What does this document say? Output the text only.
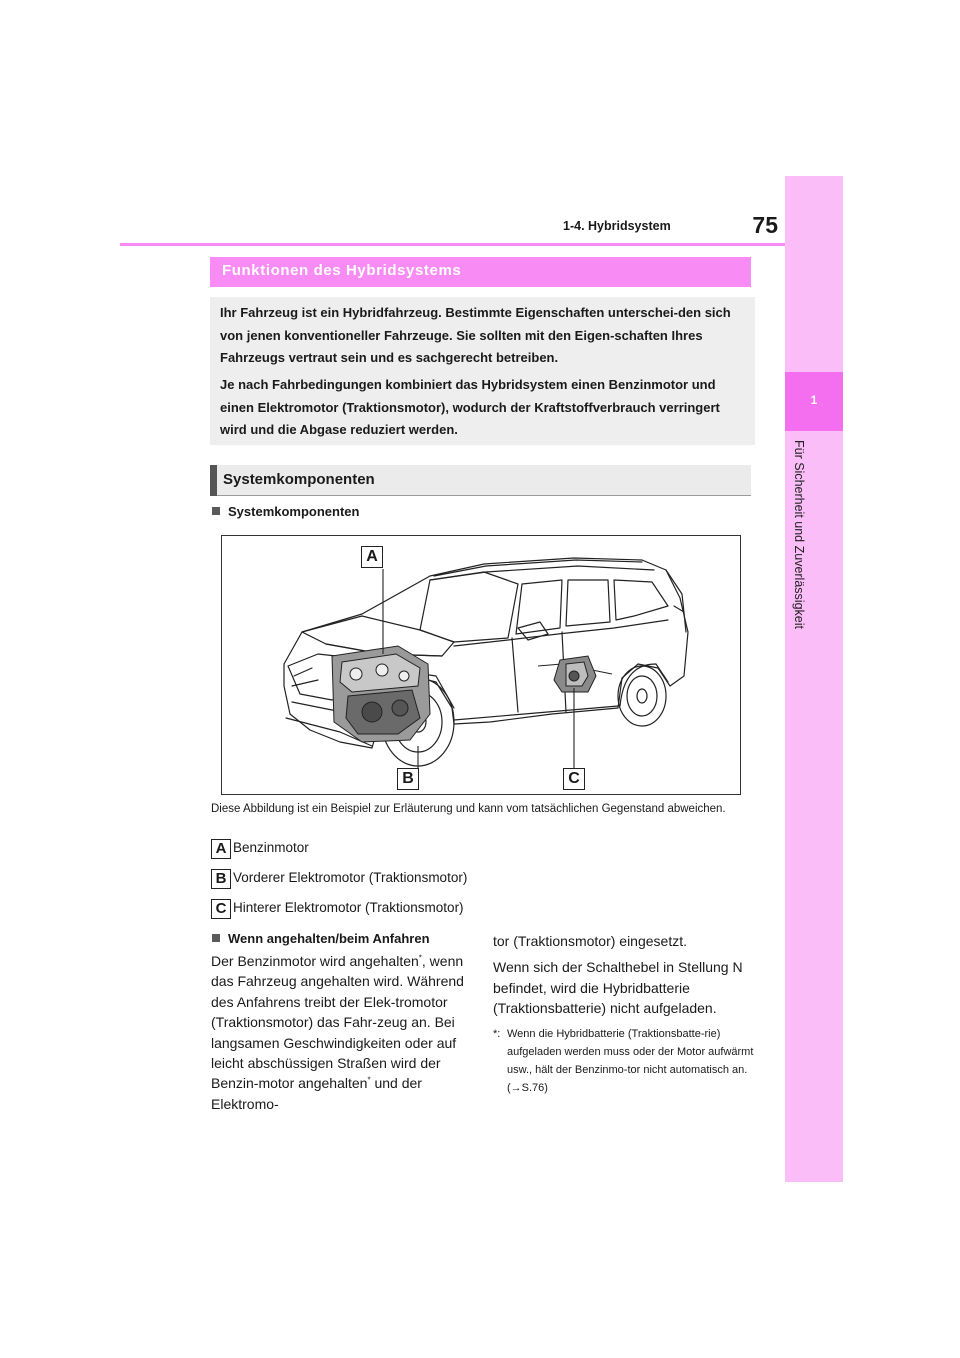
75
1-4. Hybridsystem
1
Für Sicherheit und Zuverlässigkeit
Funktionen des Hybridsystems
Ihr Fahrzeug ist ein Hybridfahrzeug. Bestimmte Eigenschaften unterschei-den sich von jenen konventioneller Fahrzeuge. Sie sollten mit den Eigen-schaften Ihres Fahrzeugs vertraut sein und es sachgerecht betreiben.
Je nach Fahrbedingungen kombiniert das Hybridsystem einen Benzinmotor und einen Elektromotor (Traktionsmotor), wodurch der Kraftstoffverbrauch verringert wird und die Abgase reduziert werden.
Systemkomponenten
Systemkomponenten
A
B	C
Diese Abbildung ist ein Beispiel zur Erläuterung und kann vom tatsächlichen Gegenstand abweichen.
A Benzinmotor
B Vorderer Elektromotor (Traktionsmotor)
C Hinterer Elektromotor (Traktionsmotor)
Wenn angehalten/beim Anfahren

Der Benzinmotor wird angehalten*, wenn das Fahrzeug angehalten wird. Während des Anfahrens treibt der Elek-tromotor (Traktionsmotor) das Fahr-zeug an. Bei langsamen Geschwindigkeiten oder auf leicht abschüssigen Straßen wird der Benzin-motor angehalten* und der Elektromo-

tor (Traktionsmotor) eingesetzt.

Wenn sich der Schalthebel in Stellung N befindet, wird die Hybridbatterie (Traktionsbatterie) nicht aufgeladen.

*: Wenn die Hybridbatterie (Traktionsbatte-rie) aufgeladen werden muss oder der Motor aufwärmt usw., hält der Benzinmo-tor nicht automatisch an. (→S.76)
